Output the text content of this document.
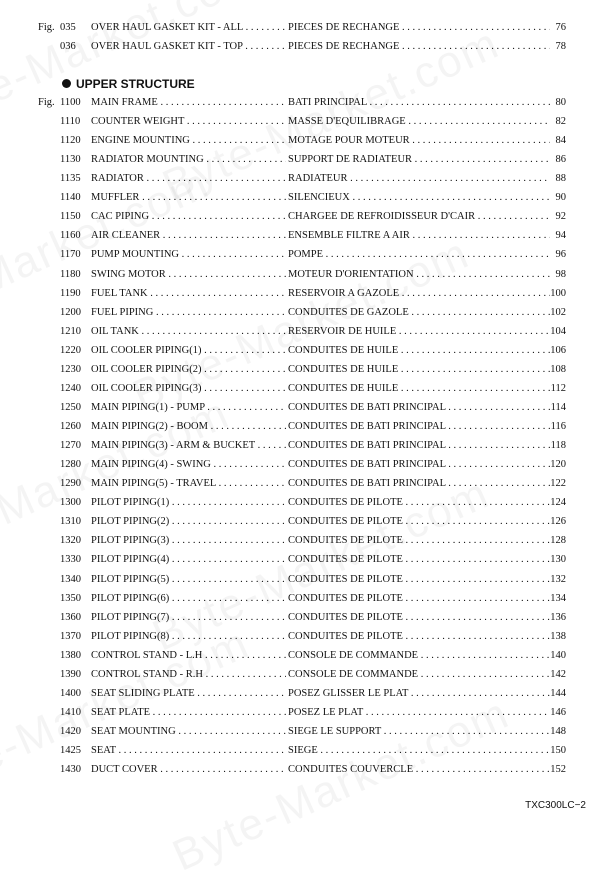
Fig. 035 OVER HAUL GASKET KIT - ALL . . .	PIECES DE RECHANGE . . .	76
036 OVER HAUL GASKET KIT - TOP . . .	PIECES DE RECHANGE . . .	78
UPPER STRUCTURE
Fig. 1100 MAIN FRAME . . .	BATI PRINCIPAL . . .	80
1110 COUNTER WEIGHT . . .	MASSE D'EQUILIBRAGE . . .	82
1120 ENGINE MOUNTING . . .	MOTAGE POUR MOTEUR . . .	84
1130 RADIATOR MOUNTING . . .	SUPPORT DE RADIATEUR . . .	86
1135 RADIATOR . . .	RADIATEUR . . .	88
1140 MUFFLER . . .	SILENCIEUX . . .	90
1150 CAC PIPING . . .	CHARGEE DE REFROIDISSEUR D'CAIR . . .	92
1160 AIR CLEANER . . .	ENSEMBLE FILTRE A AIR . . .	94
1170 PUMP MOUNTING . . .	POMPE . . .	96
1180 SWING MOTOR . . .	MOTEUR D'ORIENTATION . . .	98
1190 FUEL TANK . . .	RESERVOIR A GAZOLE . . .	100
1200 FUEL PIPING . . .	CONDUITES DE GAZOLE . . .	102
1210 OIL TANK . . .	RESERVOIR DE HUILE . . .	104
1220 OIL COOLER PIPING(1) . . .	CONDUITES DE HUILE . . .	106
1230 OIL COOLER PIPING(2) . . .	CONDUITES DE HUILE . . .	108
1240 OIL COOLER PIPING(3) . . .	CONDUITES DE HUILE . . .	112
1250 MAIN PIPING(1) - PUMP . . .	CONDUITES DE BATI PRINCIPAL . . .	114
1260 MAIN PIPING(2) - BOOM . . .	CONDUITES DE BATI PRINCIPAL . . .	116
1270 MAIN PIPING(3) - ARM & BUCKET . . .	CONDUITES DE BATI PRINCIPAL . . .	118
1280 MAIN PIPING(4) - SWING . . .	CONDUITES DE BATI PRINCIPAL . . .	120
1290 MAIN PIPING(5) - TRAVEL . . .	CONDUITES DE BATI PRINCIPAL . . .	122
1300 PILOT PIPING(1) . . .	CONDUITES DE PILOTE . . .	124
1310 PILOT PIPING(2) . . .	CONDUITES DE PILOTE . . .	126
1320 PILOT PIPING(3) . . .	CONDUITES DE PILOTE . . .	128
1330 PILOT PIPING(4) . . .	CONDUITES DE PILOTE . . .	130
1340 PILOT PIPING(5) . . .	CONDUITES DE PILOTE . . .	132
1350 PILOT PIPING(6) . . .	CONDUITES DE PILOTE . . .	134
1360 PILOT PIPING(7) . . .	CONDUITES DE PILOTE . . .	136
1370 PILOT PIPING(8) . . .	CONDUITES DE PILOTE . . .	138
1380 CONTROL STAND - L.H . . .	CONSOLE DE COMMANDE . . .	140
1390 CONTROL STAND - R.H . . .	CONSOLE DE COMMANDE . . .	142
1400 SEAT SLIDING PLATE . . .	POSEZ GLISSER LE PLAT . . .	144
1410 SEAT PLATE . . .	POSEZ LE PLAT . . .	146
1420 SEAT MOUNTING . . .	SIEGE LE SUPPORT . . .	148
1425 SEAT . . .	SIEGE . . .	150
1430 DUCT COVER . . .	CONDUITES COUVERCLE . . .	152
TXC300LC−2
